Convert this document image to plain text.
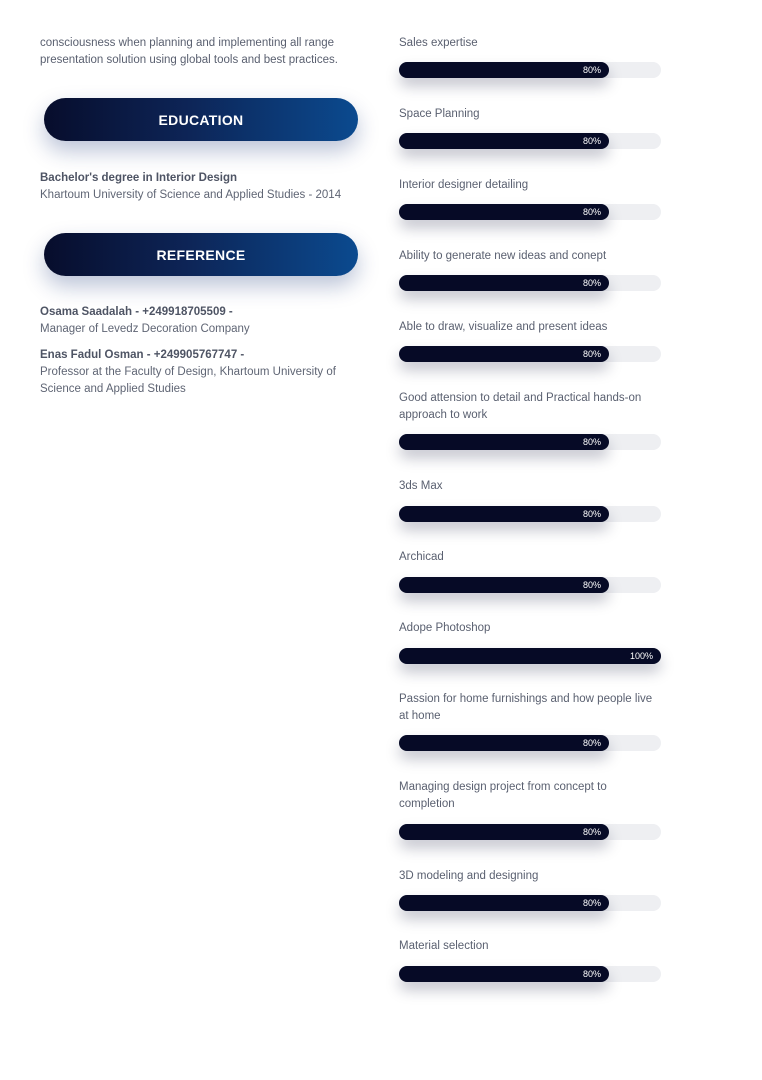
consciousness when planning and implementing all range presentation solution using global tools and best practices.

EDUCATION
Bachelor's degree in Interior Design
Khartoum University of Science and Applied Studies - 2014
REFERENCE
Osama Saadalah - +249918705509 -
Manager of Levedz Decoration Company
Enas Fadul Osman - +249905767747 -
Professor at the Faculty of Design, Khartoum University of Science and Applied Studies
Sales expertise
80%
Space Planning
80%
Interior designer detailing
80%
Ability to generate new ideas and conept
80%
Able to draw, visualize and present ideas
80%
Good attension to detail and Practical hands-on approach to work
80%
3ds Max
80%
Archicad
80%
Adope Photoshop
100%
Passion for home furnishings and how people live at home
80%
Managing design project from concept to completion
80%
3D modeling and designing
80%
Material selection
80%
